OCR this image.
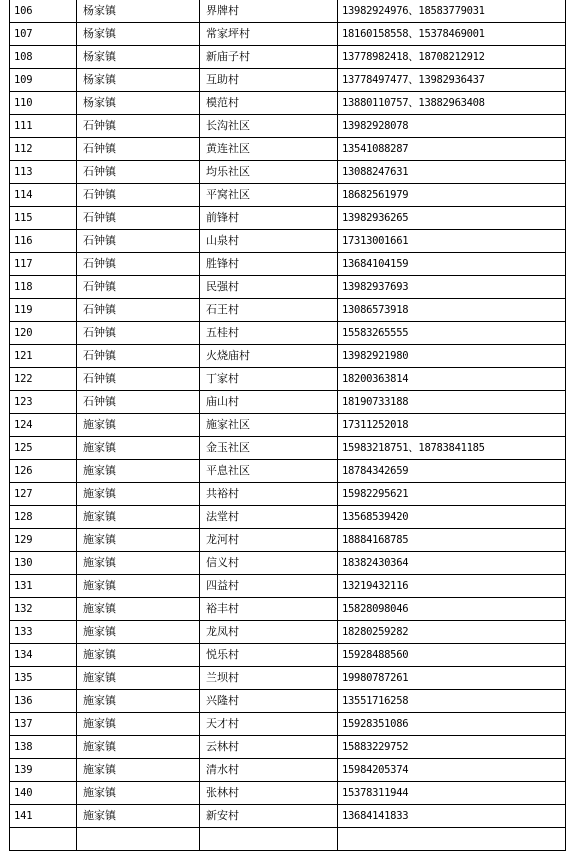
106	杨家镇	界牌村	13982924976、18583779031
107	杨家镇	常家坪村	18160158558、15378469001
108	杨家镇	新庙子村	13778982418、18708212912
109	杨家镇	互助村	13778497477、13982936437
110	杨家镇	模范村	13880110757、13882963408
111	石钟镇	长沟社区	13982928078
112	石钟镇	黄连社区	13541088287
113	石钟镇	均乐社区	13088247631
114	石钟镇	平窝社区	18682561979
115	石钟镇	前锋村	13982936265
116	石钟镇	山泉村	17313001661
117	石钟镇	胜锋村	13684104159
118	石钟镇	民强村	13982937693
119	石钟镇	石王村	13086573918
120	石钟镇	五桂村	15583265555
121	石钟镇	火烧庙村	13982921980
122	石钟镇	丁家村	18200363814
123	石钟镇	庙山村	18190733188
124	施家镇	施家社区	17311252018
125	施家镇	金玉社区	15983218751、18783841185
126	施家镇	平息社区	18784342659
127	施家镇	共裕村	15982295621
128	施家镇	法堂村	13568539420
129	施家镇	龙河村	18884168785
130	施家镇	信义村	18382430364
131	施家镇	四益村	13219432116
132	施家镇	裕丰村	15828098046
133	施家镇	龙凤村	18280259282
134	施家镇	悦乐村	15928488560
135	施家镇	兰坝村	19980787261
136	施家镇	兴隆村	13551716258
137	施家镇	天才村	15928351086
138	施家镇	云林村	15883229752
139	施家镇	清水村	15984205374
140	施家镇	张林村	15378311944
141	施家镇	新安村	13684141833
